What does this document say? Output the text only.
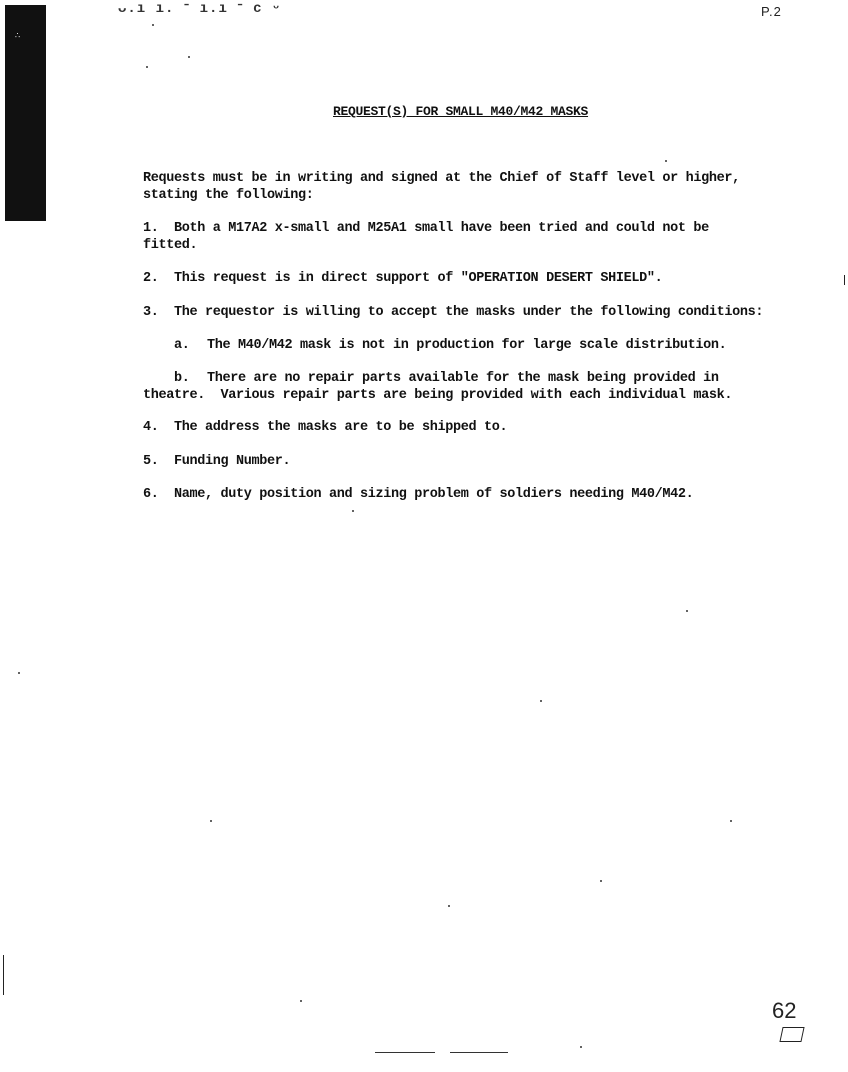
∴
ᴗ.ı ı. ᐨ ı.ı ᐨ ᴄ ᵕ	P.2
REQUEST(S) FOR SMALL M40/M42 MASKS
Requests must be in writing and signed at the Chief of Staff level or higher,
stating the following:
1. Both a M17A2 x-small and M25A1 small have been tried and could not be
fitted.
2. This request is in direct support of "OPERATION DESERT SHIELD".
3. The requestor is willing to accept the masks under the following conditions:
a. The M40/M42 mask is not in production for large scale distribution.
b. There are no repair parts available for the mask being provided in
theatre.  Various repair parts are being provided with each individual mask.
4. The address the masks are to be shipped to.
5. Funding Number.
6. Name, duty position and sizing problem of soldiers needing M40/M42.
62
